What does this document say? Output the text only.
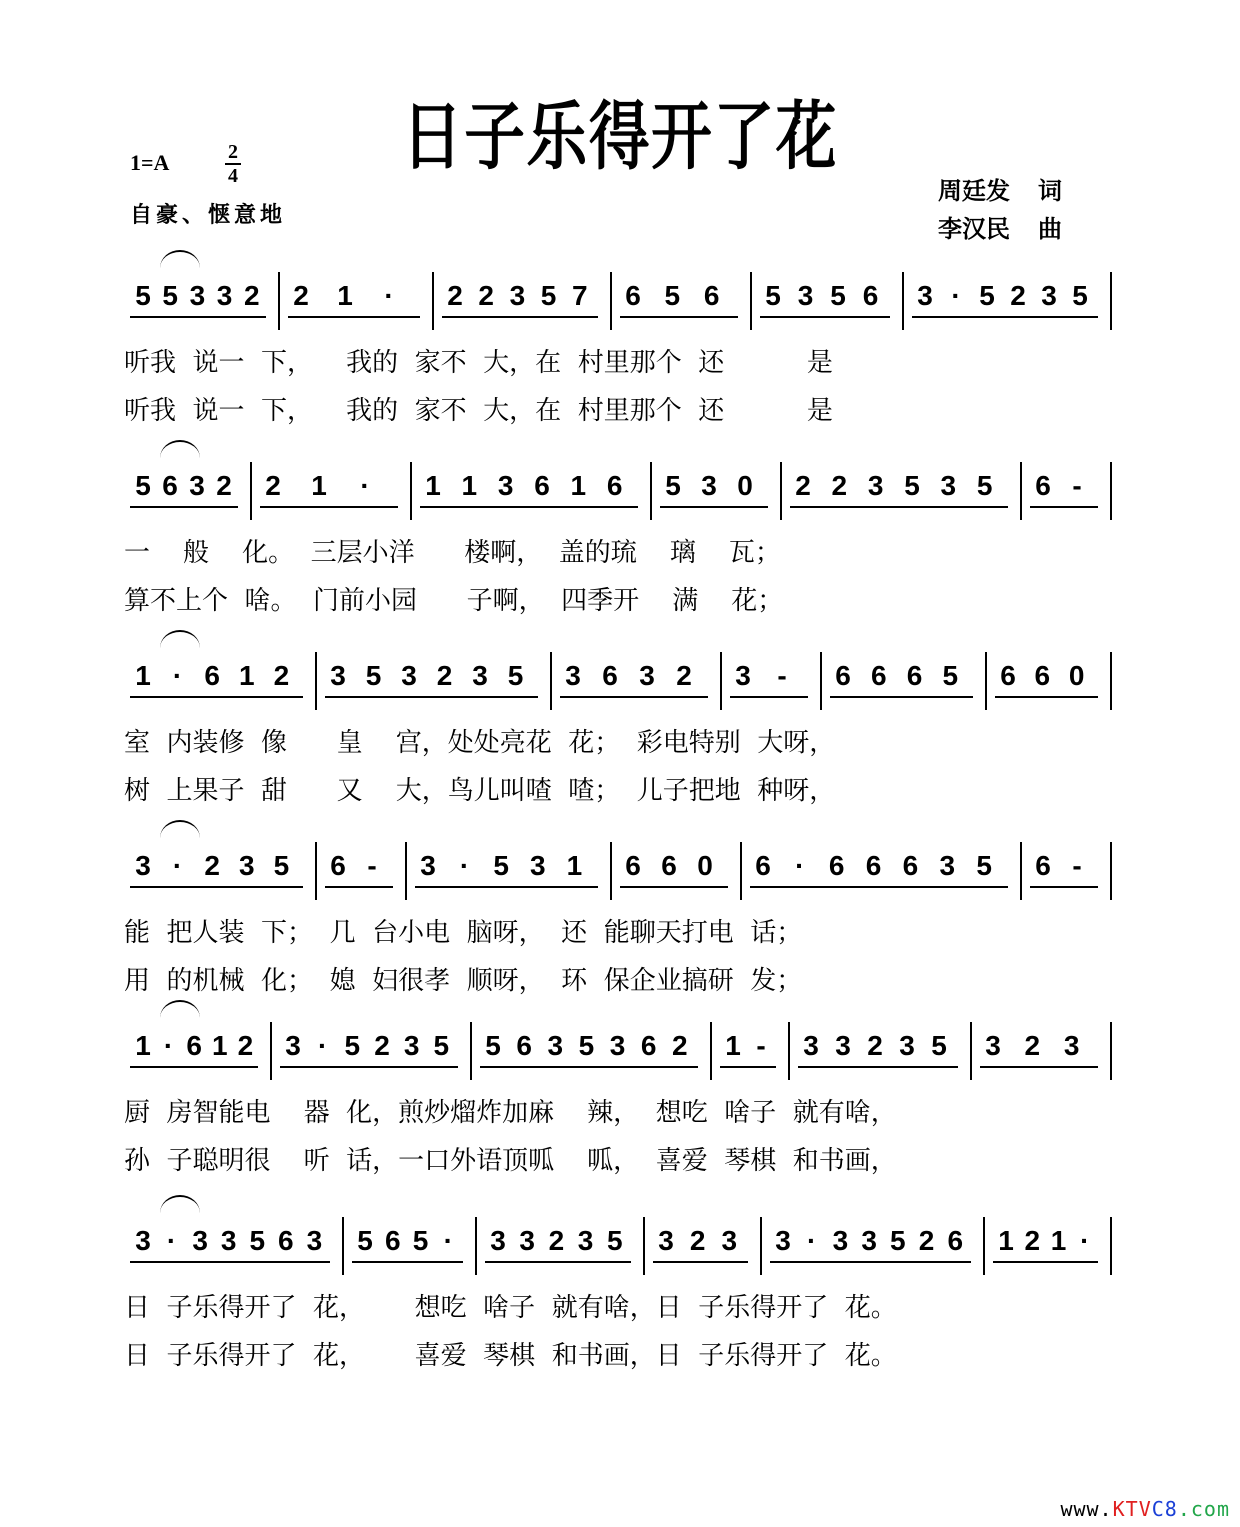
日子乐得开了花
1=A	2
4
自豪、惬意地
周廷发 词
李汉民 曲
5 5 3 3 2 2 1 · 2 2 3 5 7 6 5 6 5 3 5 6 3 · 5 2 3 5
听我  说一  下，    我的  家不  大，在  村里那个  还          是
听我  说一  下，    我的  家不  大，在  村里那个  还          是
5 6 3 2 2 1 · 1 1 3 6 1 6 5 3 0 2 2 3 5 3 5 6 -
一    般    化。  三层小洋      楼啊，  盖的琉    璃    瓦；
算不上个  啥。  门前小园      子啊，  四季开    满    花；
1 · 6 1 2 3 5 3 2 3 5 3 6 3 2 3 - 6 6 6 5 6 6 0
室  内装修  像      皇    宫，处处亮花  花；  彩电特别  大呀，
树  上果子  甜      又    大，鸟儿叫喳  喳；  儿子把地  种呀，
3 · 2 3 5 6 - 3 · 5 3 1 6 6 0 6 · 6 6 6 3 5 6 -
能  把人装  下；  几  台小电  脑呀，  还  能聊天打电  话；
用  的机械  化；  媳  妇很孝  顺呀，  环  保企业搞研  发；
1 · 6 1 2 3 · 5 2 3 5 5 6 3 5 3 6 2 1 - 3 3 2 3 5 3 2 3
厨  房智能电    器  化，煎炒熘炸加麻    辣，  想吃  啥子  就有啥，
孙  子聪明很    听  话，一口外语顶呱    呱，  喜爱  琴棋  和书画，
3 · 3 3 5 6 3 5 6 5 · 3 3 2 3 5 3 2 3 3 · 3 3 5 2 6 1 2 1 ·
日  子乐得开了  花，      想吃  啥子  就有啥，日  子乐得开了  花。
日  子乐得开了  花，      喜爱  琴棋  和书画，日  子乐得开了  花。
www.KTVC8.com
